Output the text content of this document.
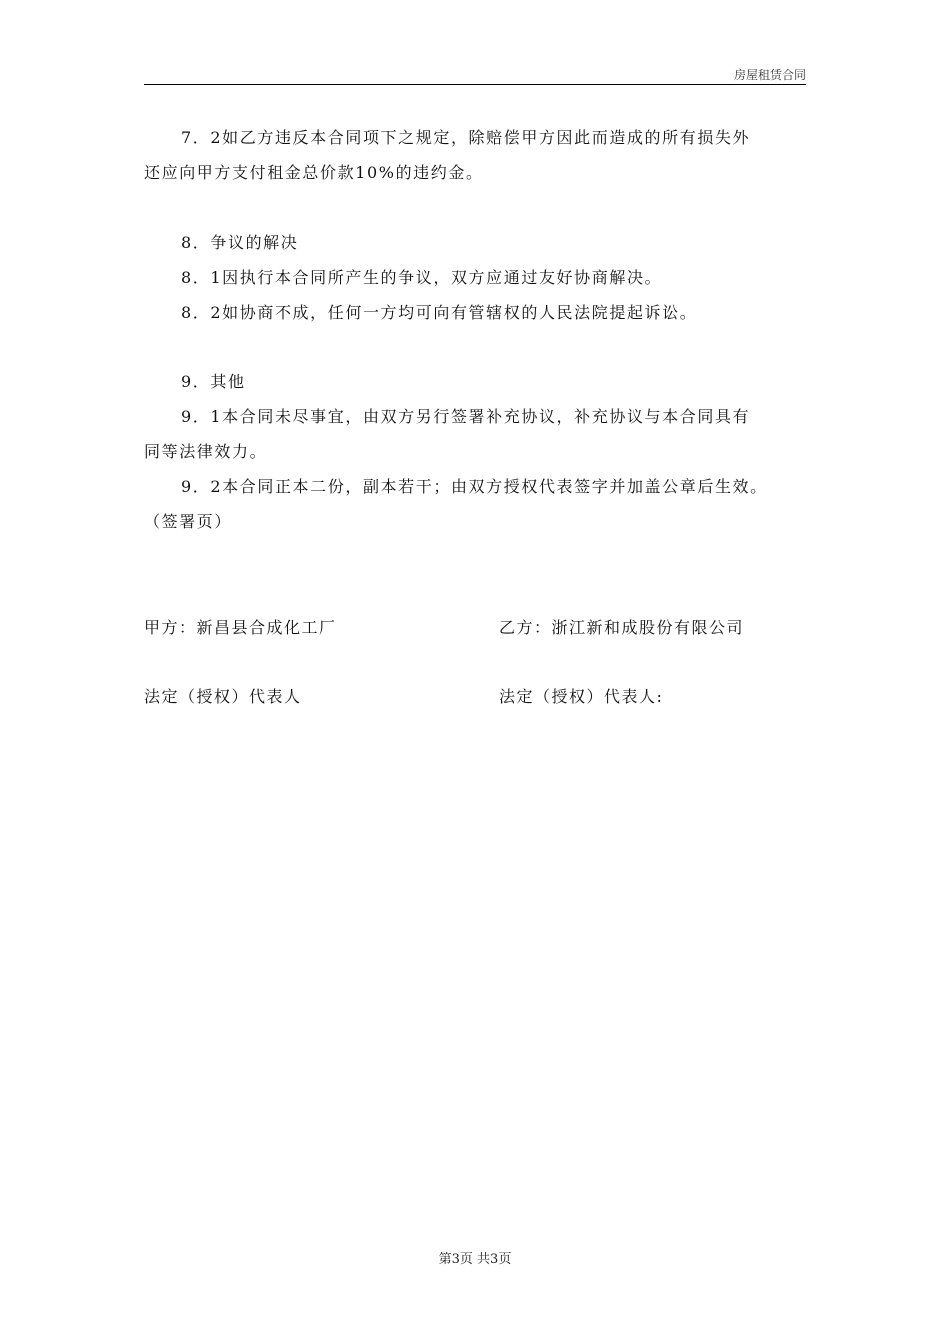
房屋租赁合同
7．2如乙方违反本合同项下之规定，除赔偿甲方因此而造成的所有损失外
还应向甲方支付租金总价款10%的违约金。
8．争议的解决
8．1因执行本合同所产生的争议，双方应通过友好协商解决。
8．2如协商不成，任何一方均可向有管辖权的人民法院提起诉讼。
9．其他
9．1本合同未尽事宜，由双方另行签署补充协议，补充协议与本合同具有
同等法律效力。
9．2本合同正本二份，副本若干；由双方授权代表签字并加盖公章后生效。
（签署页）
甲方：新昌县合成化工厂	乙方：浙江新和成股份有限公司
法定（授权）代表人	法定（授权）代表人:
第3页 共3页
